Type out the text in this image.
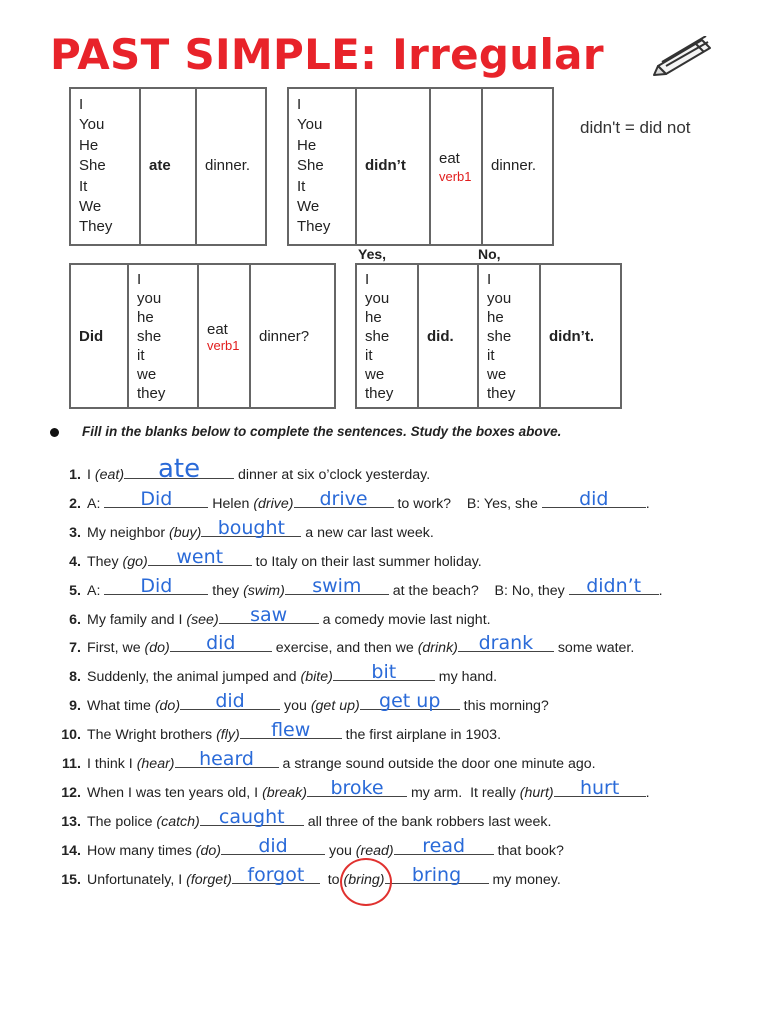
PAST SIMPLE: Irregular
didn't = did not
I
You
He
She
It
We
They
	ate	dinner.
I
You
He
She
It
We
They
	didn’t	eat
verb1
	dinner.
Did	
I
you
he
she
it
we
they
	eat
verb1
	dinner?
Yes,	No,
I
you
he
she
it
we
they
	did.	
I
you
he
she
it
we
they
	didn’t.
Fill in the blanks below to complete the sentences. Study the boxes above.
1. I (eat)	ate	dinner at six o’clock yesterday.
2. A:	Did	Helen (drive)	drive	to work?    B: Yes, she	did	.
3. My neighbor (buy) bought	a new car last week.
4. They (go)	went	to Italy on their last summer holiday.
5. A:	Did	they (swim)	swim	at the beach?    B: No, they didn’t	.
6. My family and I (see)	saw	a comedy movie last night.
7. First, we (do)	did	exercise, and then we (drink)	drank	some water.
8. Suddenly, the animal jumped and (bite)	bit	my hand.
9. What time (do)	did	you (get up)	get up	this morning?
10. The Wright brothers (fly)	flew	the first airplane in 1903.
11. I think I (hear)	heard	a strange sound outside the door one minute ago.
12. When I was ten years old, I (break)	broke	my arm.  It really (hurt)	hurt	.
13. The police (catch)	caught	all three of the bank robbers last week.
14. How many times (do)	did	you (read)	read	that book?
15. Unfortunately, I (forget) forgot	to (bring)	bring	my money.
